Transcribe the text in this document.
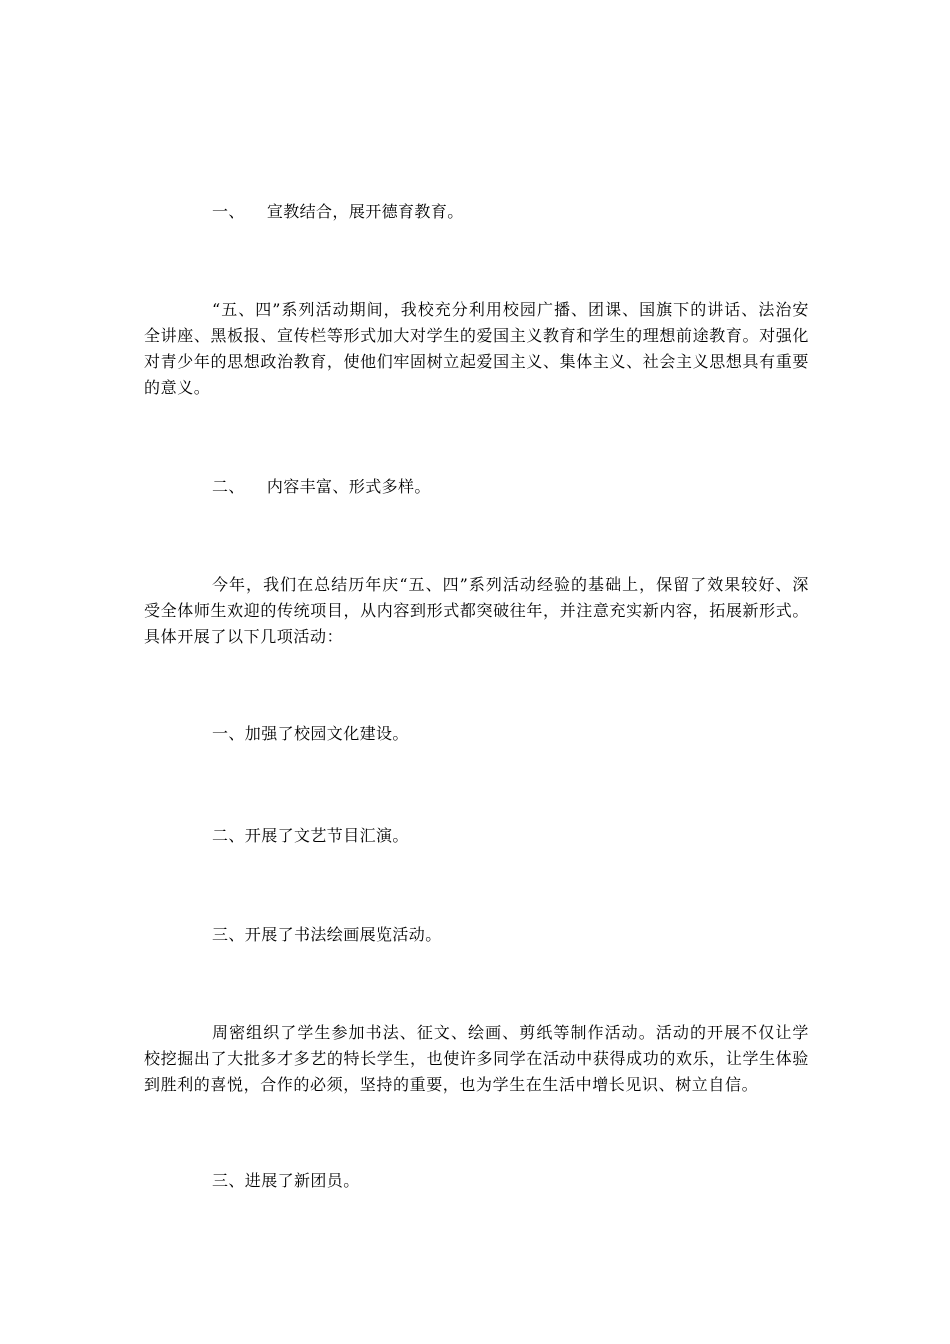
一、 宣教结合，展开德育教育。
“五、四”系列活动期间，我校充分利用校园广播、团课、国旗下的讲话、法治安全讲座、黑板报、宣传栏等形式加大对学生的爱国主义教育和学生的理想前途教育。对强化对青少年的思想政治教育，使他们牢固树立起爱国主义、集体主义、社会主义思想具有重要的意义。
二、 内容丰富、形式多样。
今年，我们在总结历年庆“五、四”系列活动经验的基础上，保留了效果较好、深受全体师生欢迎的传统项目，从内容到形式都突破往年，并注意充实新内容，拓展新形式。具体开展了以下几项活动：
一、加强了校园文化建设。
二、开展了文艺节目汇演。
三、开展了书法绘画展览活动。
周密组织了学生参加书法、征文、绘画、剪纸等制作活动。活动的开展不仅让学校挖掘出了大批多才多艺的特长学生，也使许多同学在活动中获得成功的欢乐，让学生体验到胜利的喜悦，合作的必须，坚持的重要，也为学生在生活中增长见识、树立自信。
三、进展了新团员。
